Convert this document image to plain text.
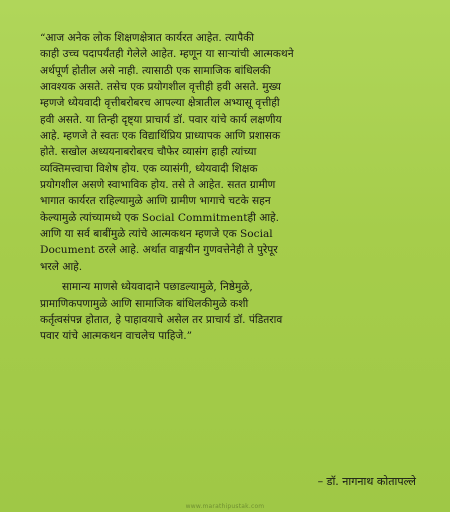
“आज अनेक लोक शिक्षणक्षेत्रात कार्यरत आहेत. त्यापैकी
काही उच्च पदापर्यंतही गेलेले आहेत. म्हणून या साऱ्यांची आत्मकथने
अर्थपूर्ण होतील असे नाही. त्यासाठी एक सामाजिक बांधिलकी
आवश्यक असते. तसेच एक प्रयोगशील वृत्तीही हवी असते. मुख्य
म्हणजे ध्येयवादी वृत्तीबरोबरच आपल्या क्षेत्रातील अभ्यासू वृत्तीही
हवी असते. या तिन्ही दृष्ट्या प्राचार्य डॉ. पवार यांचे कार्य लक्षणीय
आहे. म्हणजे ते स्वतः एक विद्यार्थिप्रिय प्राध्यापक आणि प्रशासक
होते. सखोल अध्ययनाबरोबरच चौफेर व्यासंग हाही त्यांच्या
व्यक्तिमत्त्वाचा विशेष होय. एक व्यासंगी, ध्येयवादी शिक्षक
प्रयोगशील असणे स्वाभाविक होय. तसे ते आहेत. सतत ग्रामीण
भागात कार्यरत राहिल्यामुळे आणि ग्रामीण भागाचे चटके सहन
केल्यामुळे त्यांच्यामध्ये एक Social Commitmentही आहे.
आणि या सर्व बाबींमुळे त्यांचे आत्मकथन म्हणजे एक Social
Document ठरले आहे. अर्थात वाङ्मयीन गुणवत्तेनेही ते पुरेपूर
भरले आहे.

सामान्य माणसे ध्येयवादाने पछाडल्यामुळे, निष्ठेमुळे,
प्रामाणिकपणामुळे आणि सामाजिक बांधिलकीमुळे कशी
कर्तृत्वसंपन्न होतात, हे पाहावयाचे असेल तर प्राचार्य डॉ. पंडितराव
पवार यांचे आत्मकथन वाचलेच पाहिजे.”

– डॉ. नागनाथ कोतापल्ले
www.marathipustak.com
